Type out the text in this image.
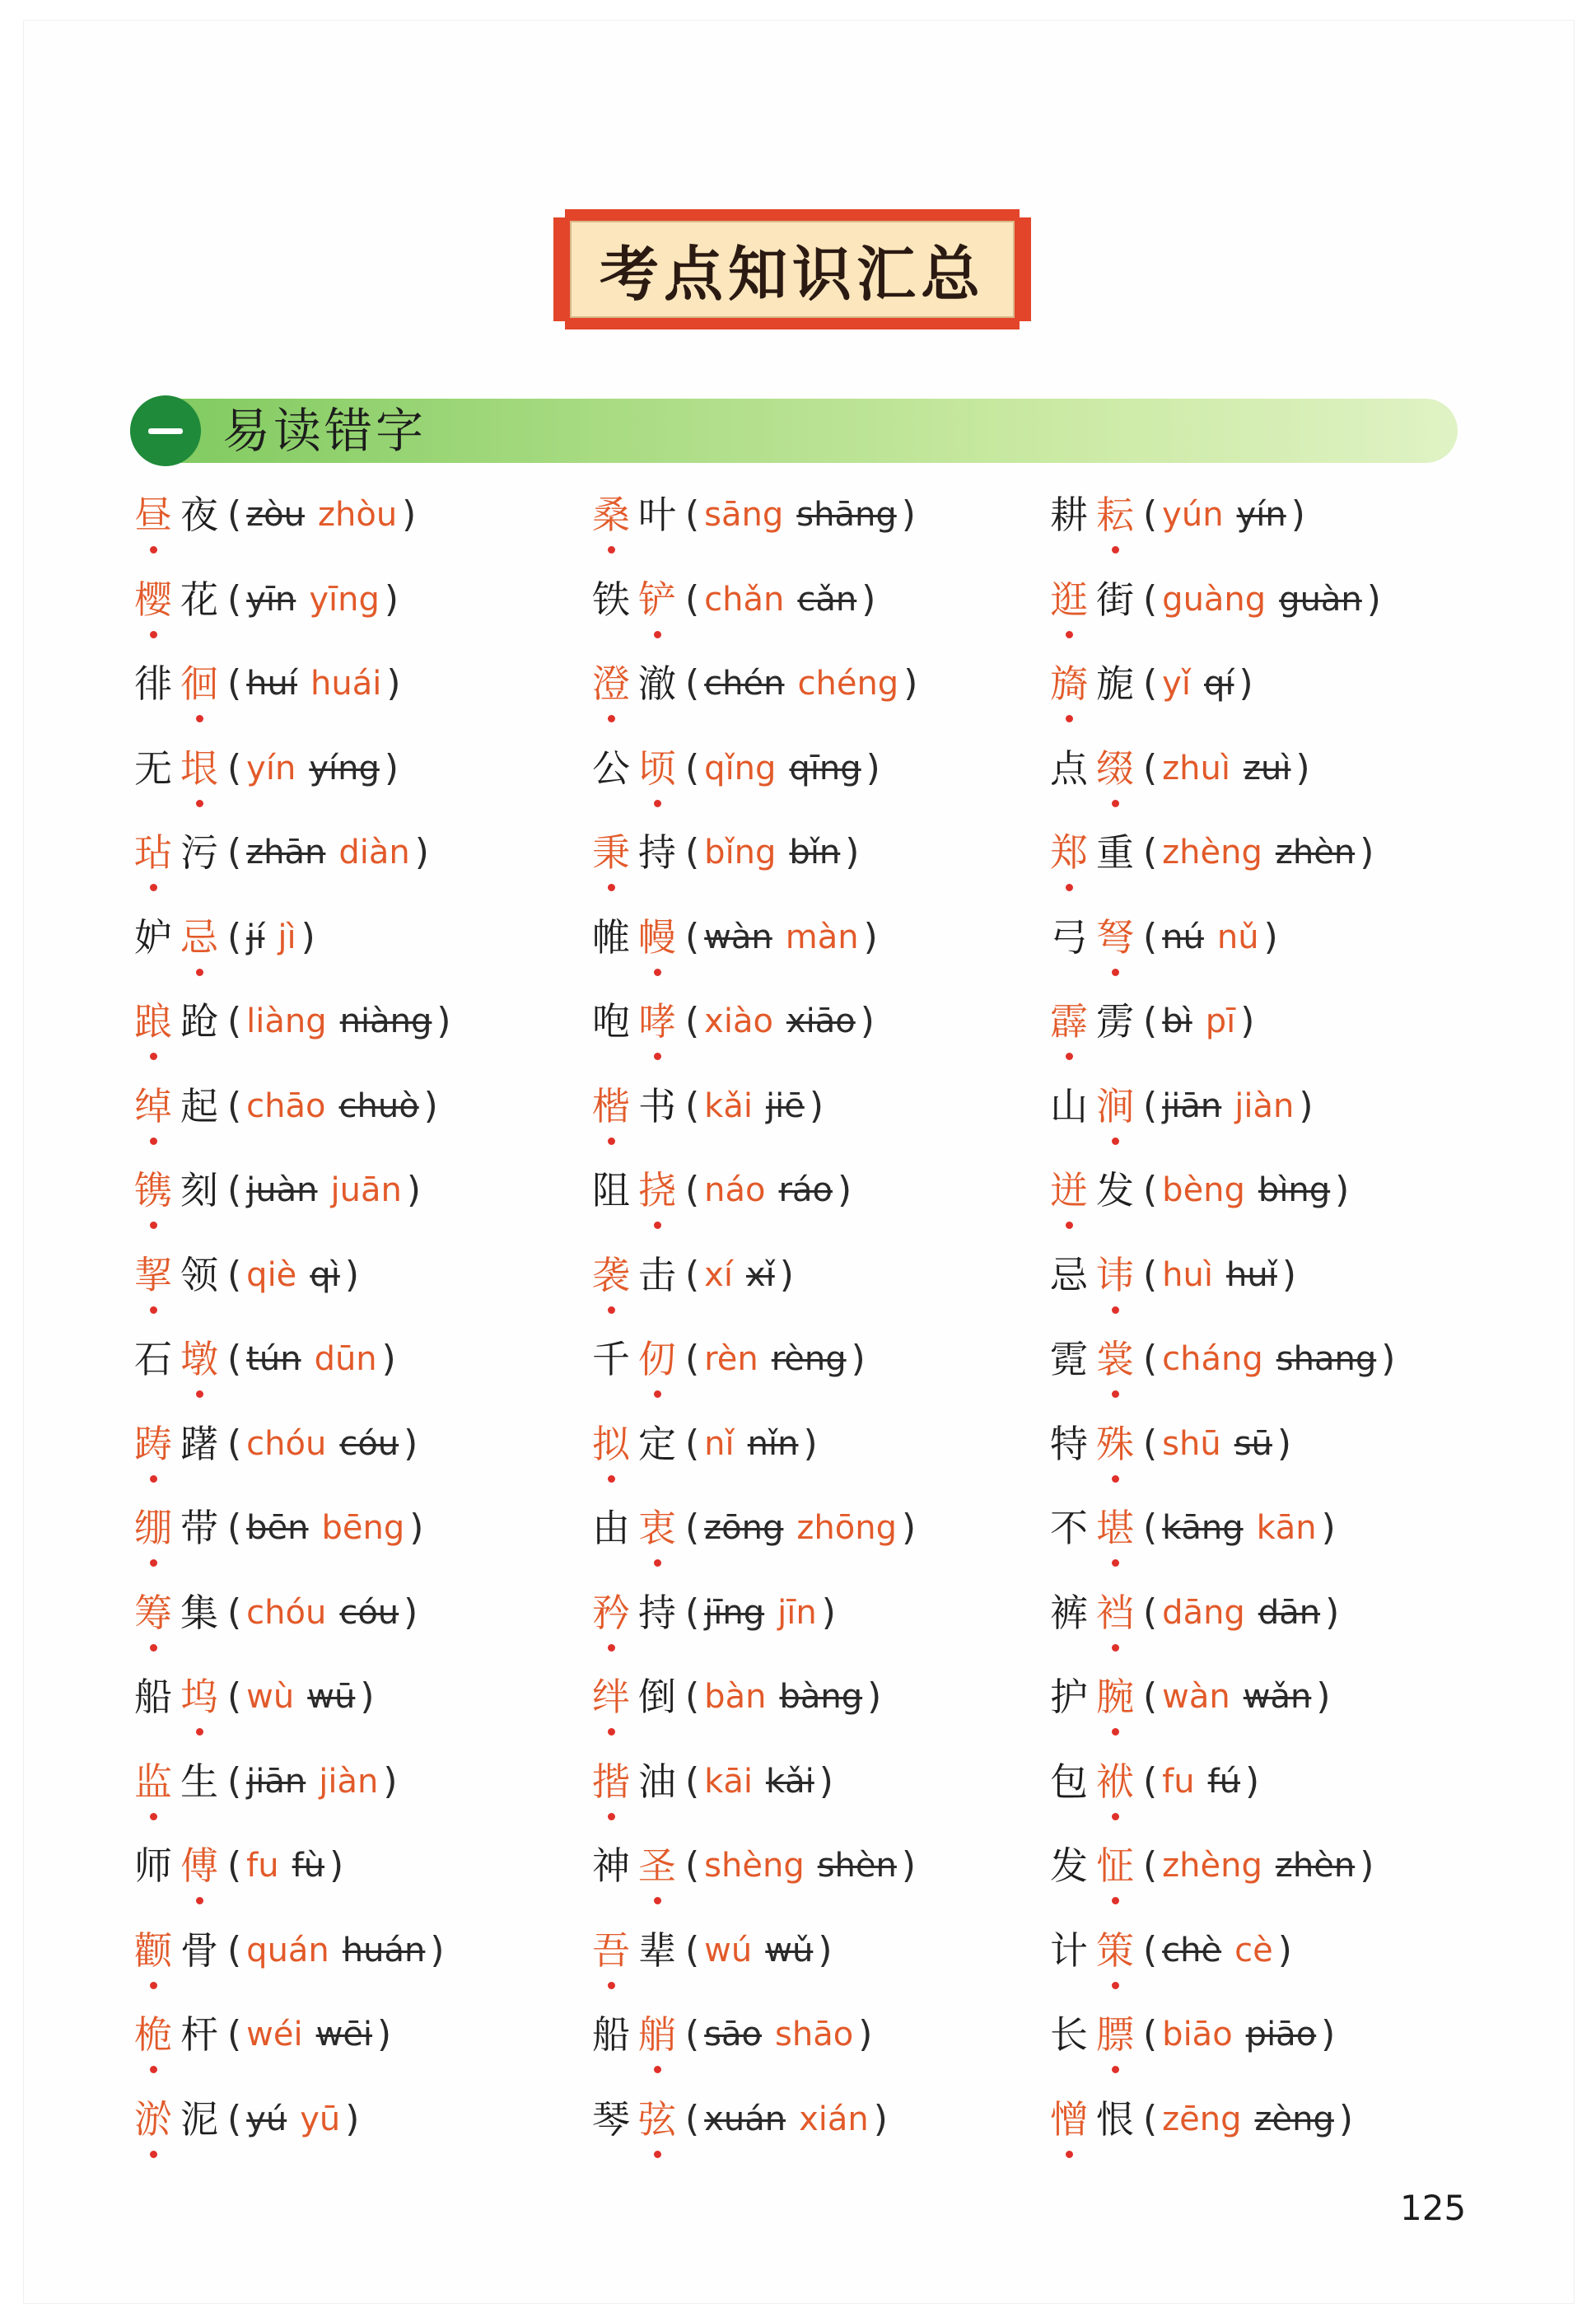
考点知识汇总
易读错字
昼 夜 ( zòu zhòu )
樱 花 ( yīn yīng )
徘 徊 ( huí huái )
无 垠 ( yín yíng )
玷 污 ( zhān diàn )
妒 忌 ( jí jì )
踉 跄 ( liàng niàng )
绰 起 ( chāo chuò )
镌 刻 ( juàn juān )
挈 领 ( qiè qì )
石 墩 ( tún dūn )
踌 躇 ( chóu cóu )
绷 带 ( bēn bēng )
筹 集 ( chóu cóu )
船 坞 ( wù wū )
监 生 ( jiān jiàn )
师 傅 ( fu fù )
颧 骨 ( quán huán )
桅 杆 ( wéi wēi )
淤 泥 ( yú yū )
桑 叶 ( sāng shāng )
铁 铲 ( chǎn cǎn )
澄 澈 ( chén chéng )
公 顷 ( qǐng qīng )
秉 持 ( bǐng bǐn )
帷 幔 ( wàn màn )
咆 哮 ( xiào xiāo )
楷 书 ( kǎi jiē )
阻 挠 ( náo ráo )
袭 击 ( xí xǐ )
千 仞 ( rèn rèng )
拟 定 ( nǐ nǐn )
由 衷 ( zōng zhōng )
矜 持 ( jīng jīn )
绊 倒 ( bàn bàng )
揩 油 ( kāi kǎi )
神 圣 ( shèng shèn )
吾 辈 ( wú wǔ )
船 艄 ( sāo shāo )
琴 弦 ( xuán xián )
耕 耘 ( yún yín )
逛 街 ( guàng guàn )
旖 旎 ( yǐ qí )
点 缀 ( zhuì zuì )
郑 重 ( zhèng zhèn )
弓 弩 ( nú nǔ )
霹 雳 ( bì pī )
山 涧 ( jiān jiàn )
迸 发 ( bèng bìng )
忌 讳 ( huì huǐ )
霓 裳 ( cháng shang )
特 殊 ( shū sū )
不 堪 ( kāng kān )
裤 裆 ( dāng dān )
护 腕 ( wàn wǎn )
包 袱 ( fu fú )
发 怔 ( zhèng zhèn )
计 策 ( chè cè )
长 膘 ( biāo piāo )
憎 恨 ( zēng zèng )
125
